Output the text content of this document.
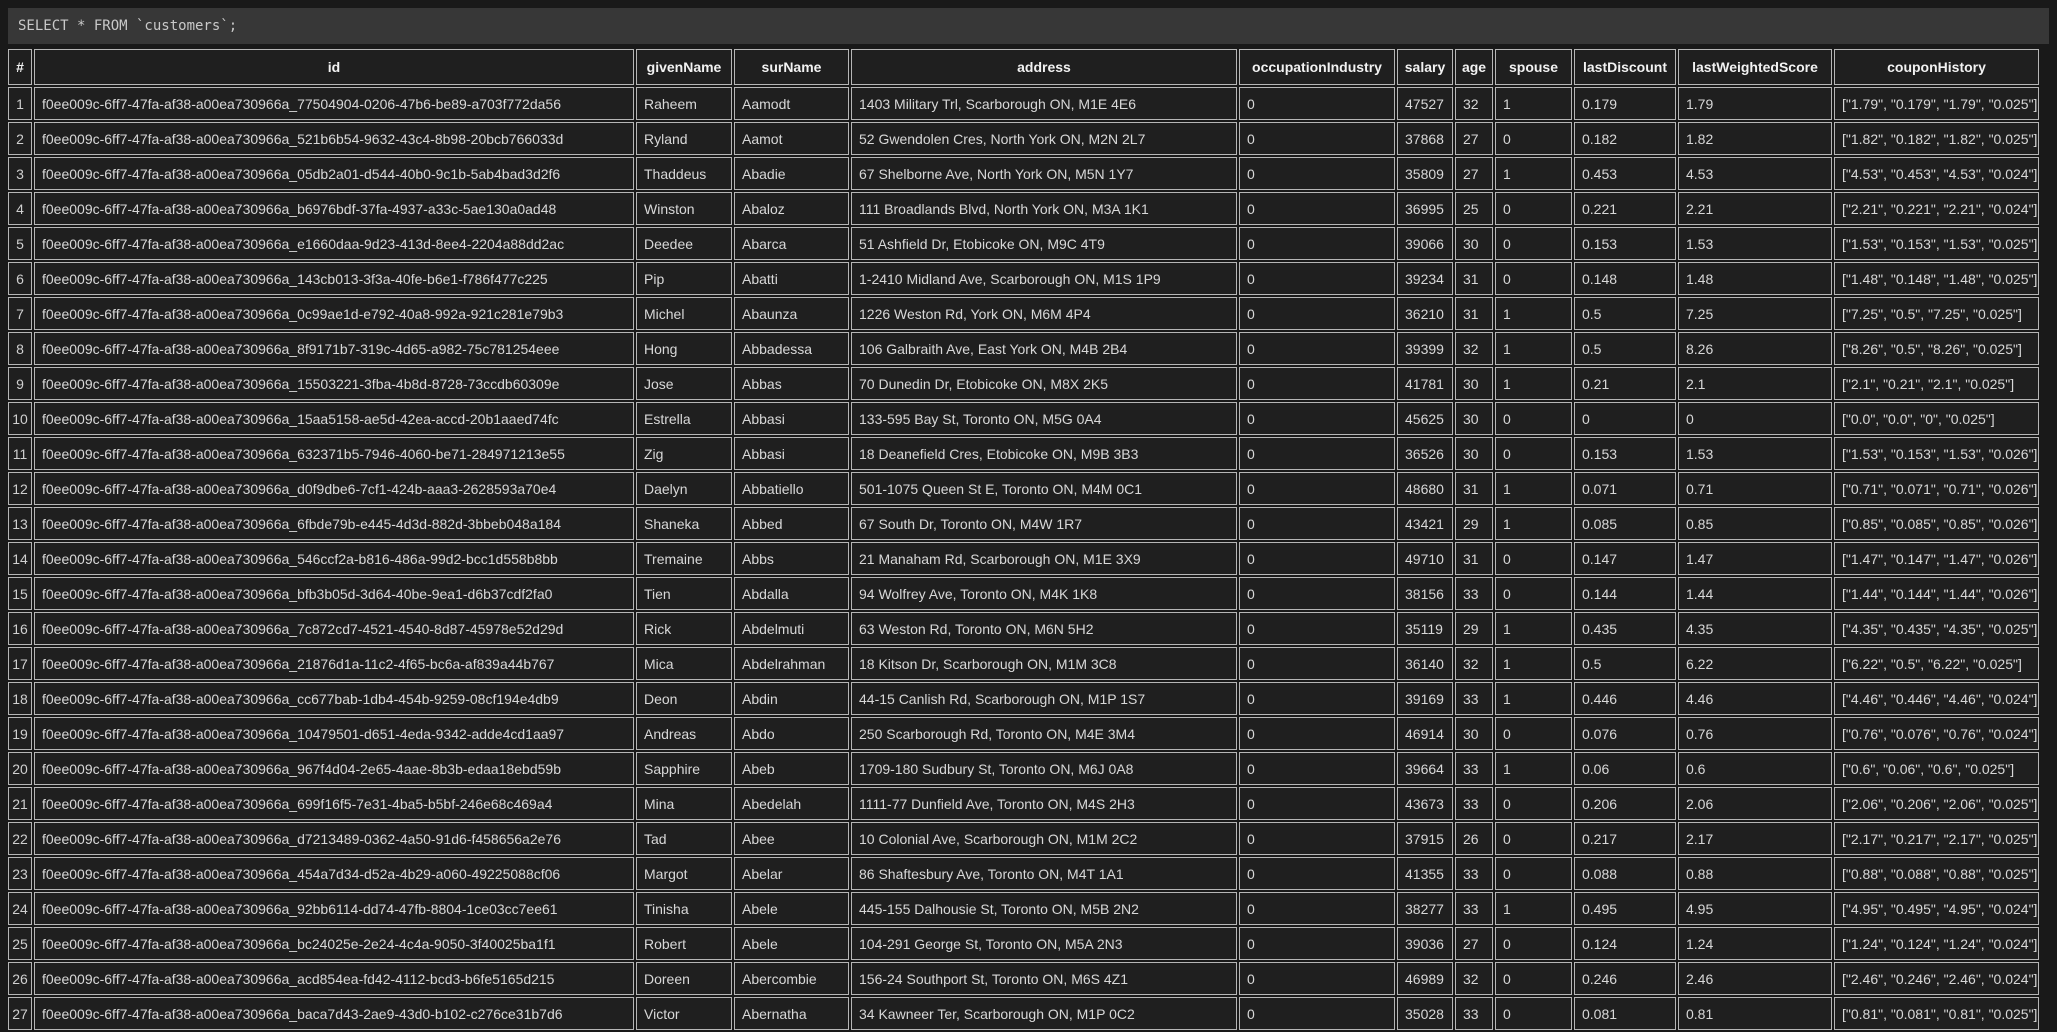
SELECT * FROM `customers`;
#	id	givenName	surName	address	occupationIndustry	salary	age	spouse	lastDiscount	lastWeightedScore	couponHistory
1	f0ee009c-6ff7-47fa-af38-a00ea730966a_77504904-0206-47b6-be89-a703f772da56	Raheem	Aamodt	1403 Military Trl, Scarborough ON, M1E 4E6	0	47527	32	1	0.179	1.79	["1.79", "0.179", "1.79", "0.025"]
2	f0ee009c-6ff7-47fa-af38-a00ea730966a_521b6b54-9632-43c4-8b98-20bcb766033d	Ryland	Aamot	52 Gwendolen Cres, North York ON, M2N 2L7	0	37868	27	0	0.182	1.82	["1.82", "0.182", "1.82", "0.025"]
3	f0ee009c-6ff7-47fa-af38-a00ea730966a_05db2a01-d544-40b0-9c1b-5ab4bad3d2f6	Thaddeus	Abadie	67 Shelborne Ave, North York ON, M5N 1Y7	0	35809	27	1	0.453	4.53	["4.53", "0.453", "4.53", "0.024"]
4	f0ee009c-6ff7-47fa-af38-a00ea730966a_b6976bdf-37fa-4937-a33c-5ae130a0ad48	Winston	Abaloz	111 Broadlands Blvd, North York ON, M3A 1K1	0	36995	25	0	0.221	2.21	["2.21", "0.221", "2.21", "0.024"]
5	f0ee009c-6ff7-47fa-af38-a00ea730966a_e1660daa-9d23-413d-8ee4-2204a88dd2ac	Deedee	Abarca	51 Ashfield Dr, Etobicoke ON, M9C 4T9	0	39066	30	0	0.153	1.53	["1.53", "0.153", "1.53", "0.025"]
6	f0ee009c-6ff7-47fa-af38-a00ea730966a_143cb013-3f3a-40fe-b6e1-f786f477c225	Pip	Abatti	1-2410 Midland Ave, Scarborough ON, M1S 1P9	0	39234	31	0	0.148	1.48	["1.48", "0.148", "1.48", "0.025"]
7	f0ee009c-6ff7-47fa-af38-a00ea730966a_0c99ae1d-e792-40a8-992a-921c281e79b3	Michel	Abaunza	1226 Weston Rd, York ON, M6M 4P4	0	36210	31	1	0.5	7.25	["7.25", "0.5", "7.25", "0.025"]
8	f0ee009c-6ff7-47fa-af38-a00ea730966a_8f9171b7-319c-4d65-a982-75c781254eee	Hong	Abbadessa	106 Galbraith Ave, East York ON, M4B 2B4	0	39399	32	1	0.5	8.26	["8.26", "0.5", "8.26", "0.025"]
9	f0ee009c-6ff7-47fa-af38-a00ea730966a_15503221-3fba-4b8d-8728-73ccdb60309e	Jose	Abbas	70 Dunedin Dr, Etobicoke ON, M8X 2K5	0	41781	30	1	0.21	2.1	["2.1", "0.21", "2.1", "0.025"]
10	f0ee009c-6ff7-47fa-af38-a00ea730966a_15aa5158-ae5d-42ea-accd-20b1aaed74fc	Estrella	Abbasi	133-595 Bay St, Toronto ON, M5G 0A4	0	45625	30	0	0	0	["0.0", "0.0", "0", "0.025"]
11	f0ee009c-6ff7-47fa-af38-a00ea730966a_632371b5-7946-4060-be71-284971213e55	Zig	Abbasi	18 Deanefield Cres, Etobicoke ON, M9B 3B3	0	36526	30	0	0.153	1.53	["1.53", "0.153", "1.53", "0.026"]
12	f0ee009c-6ff7-47fa-af38-a00ea730966a_d0f9dbe6-7cf1-424b-aaa3-2628593a70e4	Daelyn	Abbatiello	501-1075 Queen St E, Toronto ON, M4M 0C1	0	48680	31	1	0.071	0.71	["0.71", "0.071", "0.71", "0.026"]
13	f0ee009c-6ff7-47fa-af38-a00ea730966a_6fbde79b-e445-4d3d-882d-3bbeb048a184	Shaneka	Abbed	67 South Dr, Toronto ON, M4W 1R7	0	43421	29	1	0.085	0.85	["0.85", "0.085", "0.85", "0.026"]
14	f0ee009c-6ff7-47fa-af38-a00ea730966a_546ccf2a-b816-486a-99d2-bcc1d558b8bb	Tremaine	Abbs	21 Manaham Rd, Scarborough ON, M1E 3X9	0	49710	31	0	0.147	1.47	["1.47", "0.147", "1.47", "0.026"]
15	f0ee009c-6ff7-47fa-af38-a00ea730966a_bfb3b05d-3d64-40be-9ea1-d6b37cdf2fa0	Tien	Abdalla	94 Wolfrey Ave, Toronto ON, M4K 1K8	0	38156	33	0	0.144	1.44	["1.44", "0.144", "1.44", "0.026"]
16	f0ee009c-6ff7-47fa-af38-a00ea730966a_7c872cd7-4521-4540-8d87-45978e52d29d	Rick	Abdelmuti	63 Weston Rd, Toronto ON, M6N 5H2	0	35119	29	1	0.435	4.35	["4.35", "0.435", "4.35", "0.025"]
17	f0ee009c-6ff7-47fa-af38-a00ea730966a_21876d1a-11c2-4f65-bc6a-af839a44b767	Mica	Abdelrahman	18 Kitson Dr, Scarborough ON, M1M 3C8	0	36140	32	1	0.5	6.22	["6.22", "0.5", "6.22", "0.025"]
18	f0ee009c-6ff7-47fa-af38-a00ea730966a_cc677bab-1db4-454b-9259-08cf194e4db9	Deon	Abdin	44-15 Canlish Rd, Scarborough ON, M1P 1S7	0	39169	33	1	0.446	4.46	["4.46", "0.446", "4.46", "0.024"]
19	f0ee009c-6ff7-47fa-af38-a00ea730966a_10479501-d651-4eda-9342-adde4cd1aa97	Andreas	Abdo	250 Scarborough Rd, Toronto ON, M4E 3M4	0	46914	30	0	0.076	0.76	["0.76", "0.076", "0.76", "0.024"]
20	f0ee009c-6ff7-47fa-af38-a00ea730966a_967f4d04-2e65-4aae-8b3b-edaa18ebd59b	Sapphire	Abeb	1709-180 Sudbury St, Toronto ON, M6J 0A8	0	39664	33	1	0.06	0.6	["0.6", "0.06", "0.6", "0.025"]
21	f0ee009c-6ff7-47fa-af38-a00ea730966a_699f16f5-7e31-4ba5-b5bf-246e68c469a4	Mina	Abedelah	1111-77 Dunfield Ave, Toronto ON, M4S 2H3	0	43673	33	0	0.206	2.06	["2.06", "0.206", "2.06", "0.025"]
22	f0ee009c-6ff7-47fa-af38-a00ea730966a_d7213489-0362-4a50-91d6-f458656a2e76	Tad	Abee	10 Colonial Ave, Scarborough ON, M1M 2C2	0	37915	26	0	0.217	2.17	["2.17", "0.217", "2.17", "0.025"]
23	f0ee009c-6ff7-47fa-af38-a00ea730966a_454a7d34-d52a-4b29-a060-49225088cf06	Margot	Abelar	86 Shaftesbury Ave, Toronto ON, M4T 1A1	0	41355	33	0	0.088	0.88	["0.88", "0.088", "0.88", "0.025"]
24	f0ee009c-6ff7-47fa-af38-a00ea730966a_92bb6114-dd74-47fb-8804-1ce03cc7ee61	Tinisha	Abele	445-155 Dalhousie St, Toronto ON, M5B 2N2	0	38277	33	1	0.495	4.95	["4.95", "0.495", "4.95", "0.024"]
25	f0ee009c-6ff7-47fa-af38-a00ea730966a_bc24025e-2e24-4c4a-9050-3f40025ba1f1	Robert	Abele	104-291 George St, Toronto ON, M5A 2N3	0	39036	27	0	0.124	1.24	["1.24", "0.124", "1.24", "0.024"]
26	f0ee009c-6ff7-47fa-af38-a00ea730966a_acd854ea-fd42-4112-bcd3-b6fe5165d215	Doreen	Abercombie	156-24 Southport St, Toronto ON, M6S 4Z1	0	46989	32	0	0.246	2.46	["2.46", "0.246", "2.46", "0.024"]
27	f0ee009c-6ff7-47fa-af38-a00ea730966a_baca7d43-2ae9-43d0-b102-c276ce31b7d6	Victor	Abernatha	34 Kawneer Ter, Scarborough ON, M1P 0C2	0	35028	33	0	0.081	0.81	["0.81", "0.081", "0.81", "0.025"]
